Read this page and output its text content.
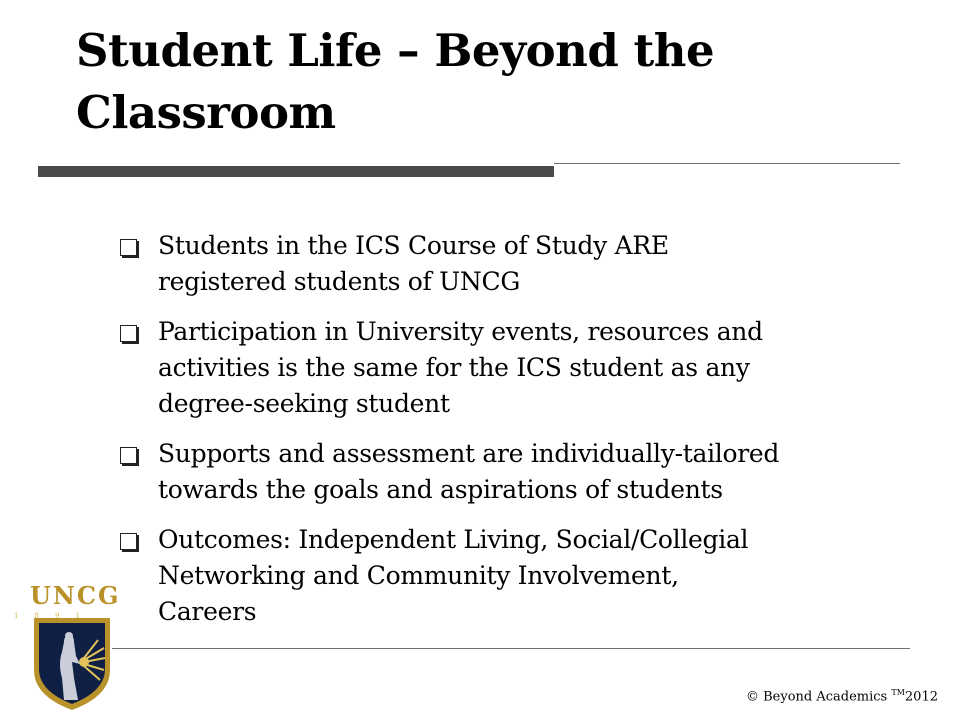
Student Life – Beyond the
Classroom
Students in the ICS Course of Study ARE
registered students of UNCG
Participation in University events, resources and
activities is the same for the ICS student as any
degree-seeking student
Supports and assessment are individually-tailored
towards the goals and aspirations of students
Outcomes: Independent Living, Social/Collegial
Networking and Community Involvement,
Careers
UNCG
1 8 9 1
© Beyond Academics ™2012
